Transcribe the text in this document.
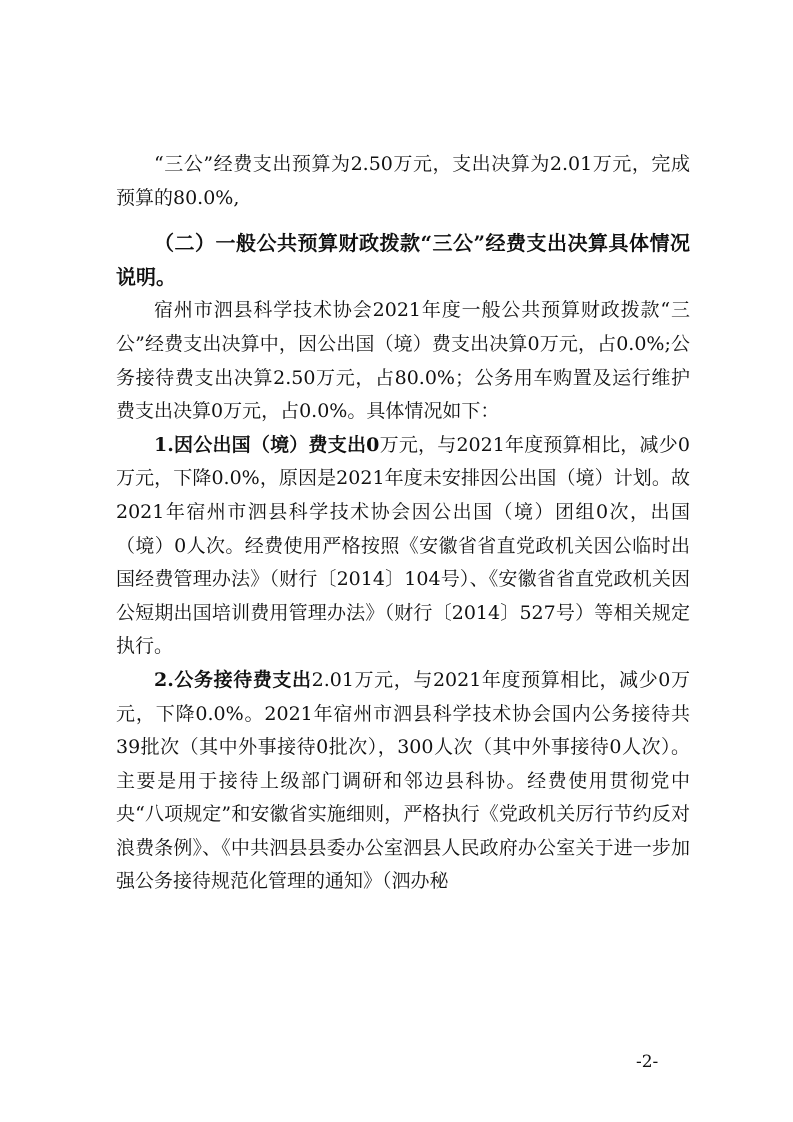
“三公”经费支出预算为2.50万元，支出决算为2.01万元，完成预算的80.0%,

（二）一般公共预算财政拨款“三公”经费支出决算具体情况说明。

宿州市泗县科学技术协会2021年度一般公共预算财政拨款“三公”经费支出决算中，因公出国（境）费支出决算0万元，占0.0%;公务接待费支出决算2.50万元，占80.0%；公务用车购置及运行维护费支出决算0万元，占0.0%。具体情况如下：

1.因公出国（境）费支出0万元，与2021年度预算相比，减少0万元，下降0.0%，原因是2021年度未安排因公出国（境）计划。故2021年宿州市泗县科学技术协会因公出国（境）团组0次，出国（境）0人次。经费使用严格按照《安徽省省直党政机关因公临时出国经费管理办法》（财行〔2014〕104号）、《安徽省省直党政机关因公短期出国培训费用管理办法》（财行〔2014〕527号）等相关规定执行。

2.公务接待费支出2.01万元，与2021年度预算相比，减少0万元，下降0.0%。2021年宿州市泗县科学技术协会国内公务接待共39批次（其中外事接待0批次），300人次（其中外事接待0人次）。主要是用于接待上级部门调研和邻边县科协。经费使用贯彻党中央“八项规定”和安徽省实施细则，严格执行《党政机关厉行节约反对浪费条例》、《中共泗县县委办公室泗县人民政府办公室关于进一步加强公务接待规范化管理的通知》（泗办秘

-2-
